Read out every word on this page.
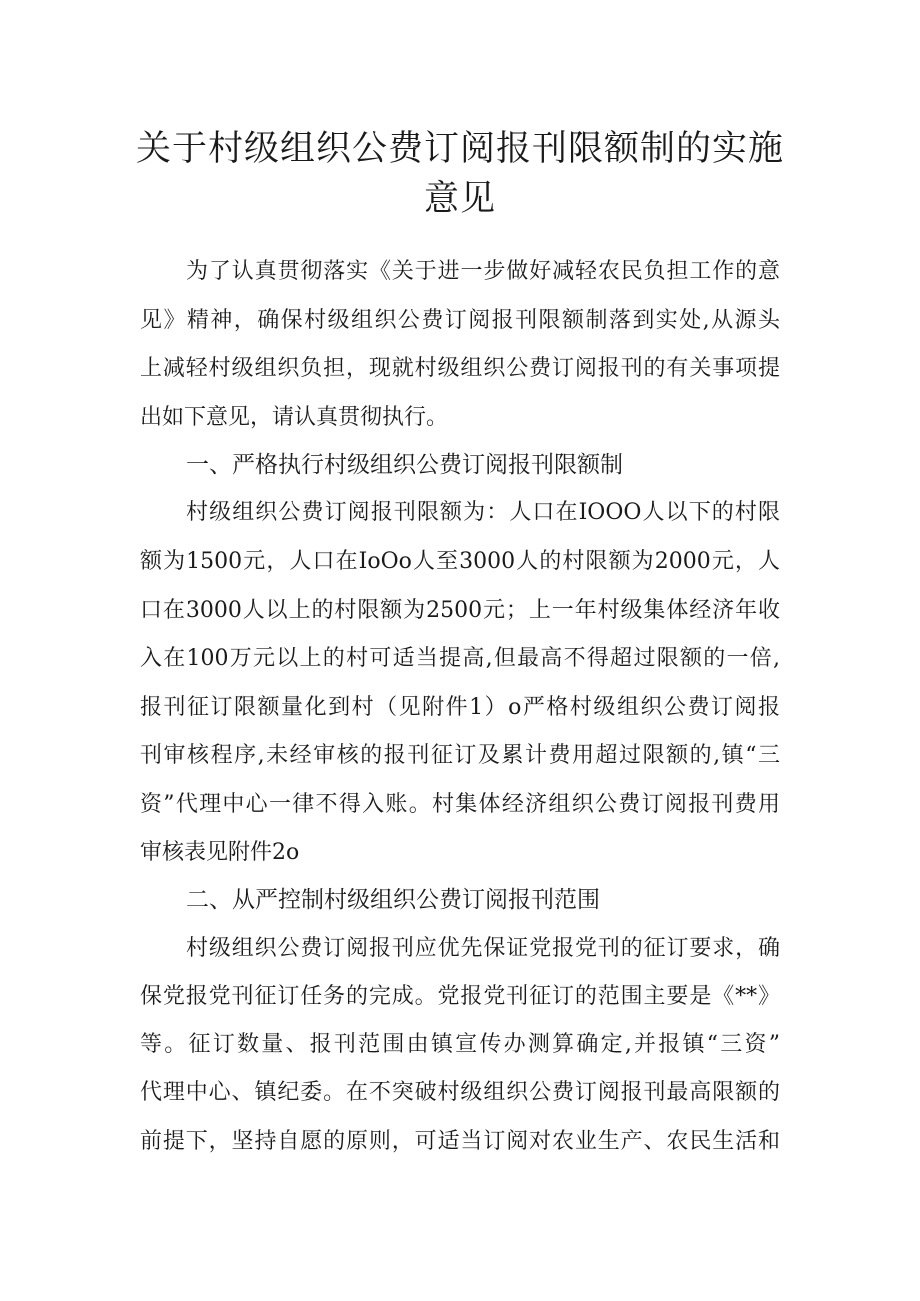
关于村级组织公费订阅报刊限额制的实施
意见
为了认真贯彻落实《关于进一步做好减轻农民负担工作的意
见》精神，确保村级组织公费订阅报刊限额制落到实处,从源头
上减轻村级组织负担，现就村级组织公费订阅报刊的有关事项提
出如下意见，请认真贯彻执行。
一、严格执行村级组织公费订阅报刊限额制
村级组织公费订阅报刊限额为：人口在IOOO人以下的村限
额为1500元，人口在IoOo人至3000人的村限额为2000元，人
口在3000人以上的村限额为2500元；上一年村级集体经济年收
入在100万元以上的村可适当提高,但最高不得超过限额的一倍,
报刊征订限额量化到村（见附件1）o严格村级组织公费订阅报
刊审核程序,未经审核的报刊征订及累计费用超过限额的,镇“三
资”代理中心一律不得入账。村集体经济组织公费订阅报刊费用
审核表见附件2o
二、从严控制村级组织公费订阅报刊范围
村级组织公费订阅报刊应优先保证党报党刊的征订要求，确
保党报党刊征订任务的完成。党报党刊征订的范围主要是《**》
等。征订数量、报刊范围由镇宣传办测算确定,并报镇“三资”
代理中心、镇纪委。在不突破村级组织公费订阅报刊最高限额的
前提下，坚持自愿的原则，可适当订阅对农业生产、农民生活和
